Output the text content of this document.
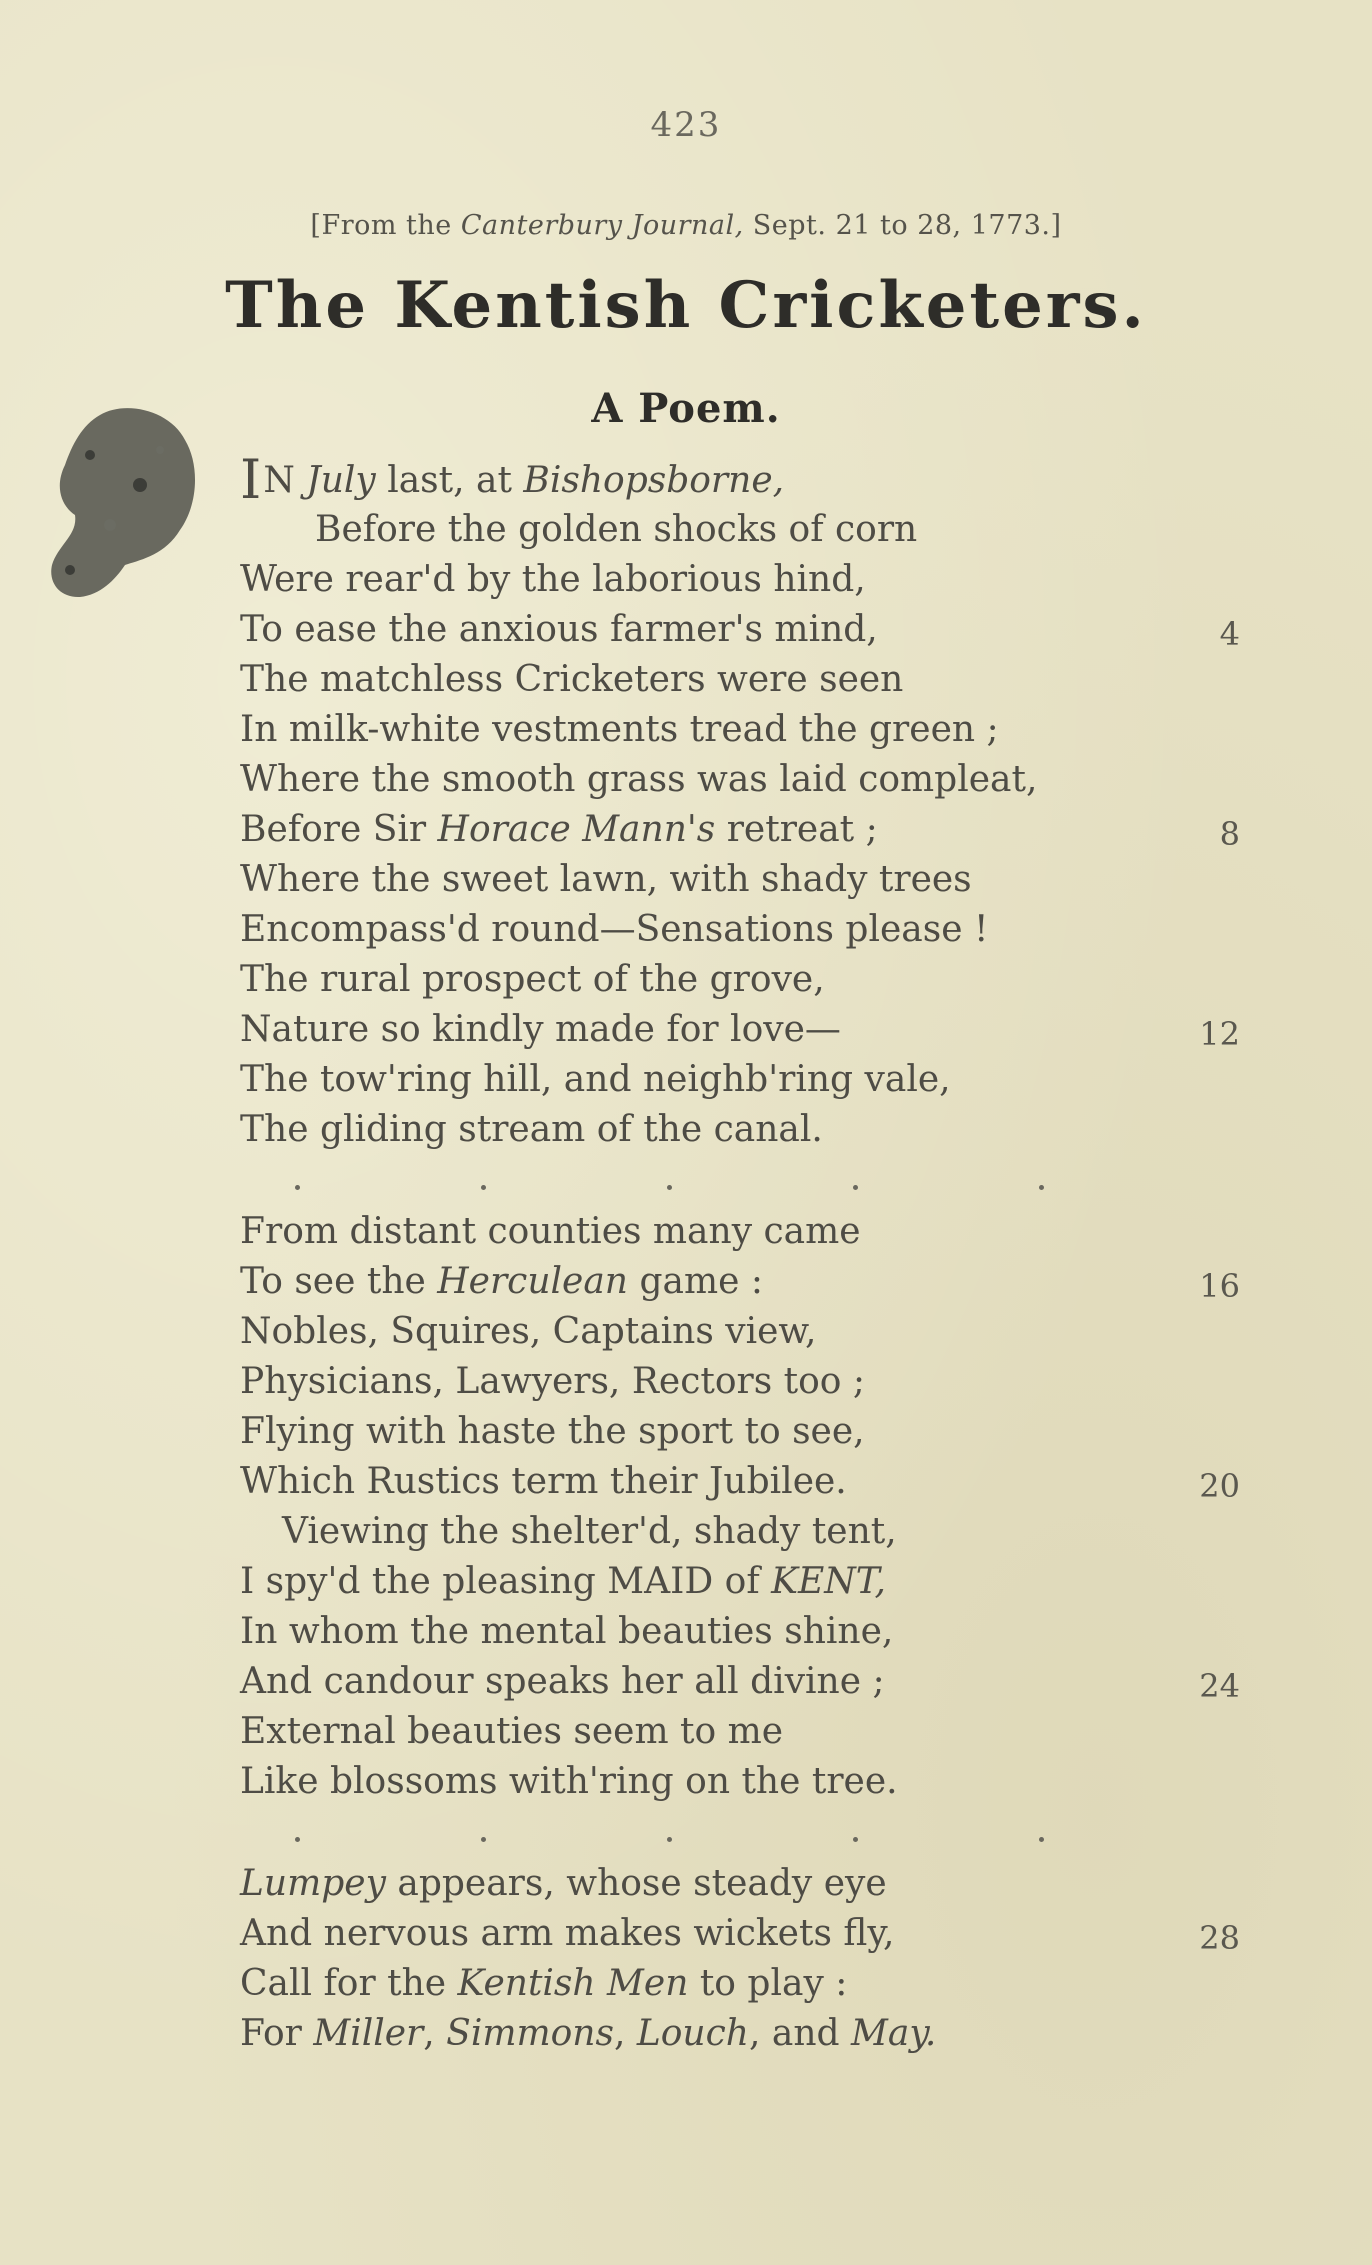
423
[From the Canterbury Journal, Sept. 21 to 28, 1773.]
The Kentish Cricketers.
A Poem.
IN July last, at Bishopsborne,
Before the golden shocks of corn
Were rear'd by the laborious hind,
To ease the anxious farmer's mind,	4
The matchless Cricketers were seen
In milk-white vestments tread the green ;
Where the smooth grass was laid compleat,
Before Sir Horace Mann's retreat ;	8
Where the sweet lawn, with shady trees
Encompass'd round—Sensations please !
The rural prospect of the grove,
Nature so kindly made for love—	12
The tow'ring hill, and neighb'ring vale,
The gliding stream of the canal.
From distant counties many came
To see the Herculean game :	16
Nobles, Squires, Captains view,
Physicians, Lawyers, Rectors too ;
Flying with haste the sport to see,
Which Rustics term their Jubilee.	20
Viewing the shelter'd, shady tent,
I spy'd the pleasing MAID of KENT,
In whom the mental beauties shine,
And candour speaks her all divine ;	24
External beauties seem to me
Like blossoms with'ring on the tree.
Lumpey appears, whose steady eye
And nervous arm makes wickets fly,	28
Call for the Kentish Men to play :
For Miller, Simmons, Louch, and May.
